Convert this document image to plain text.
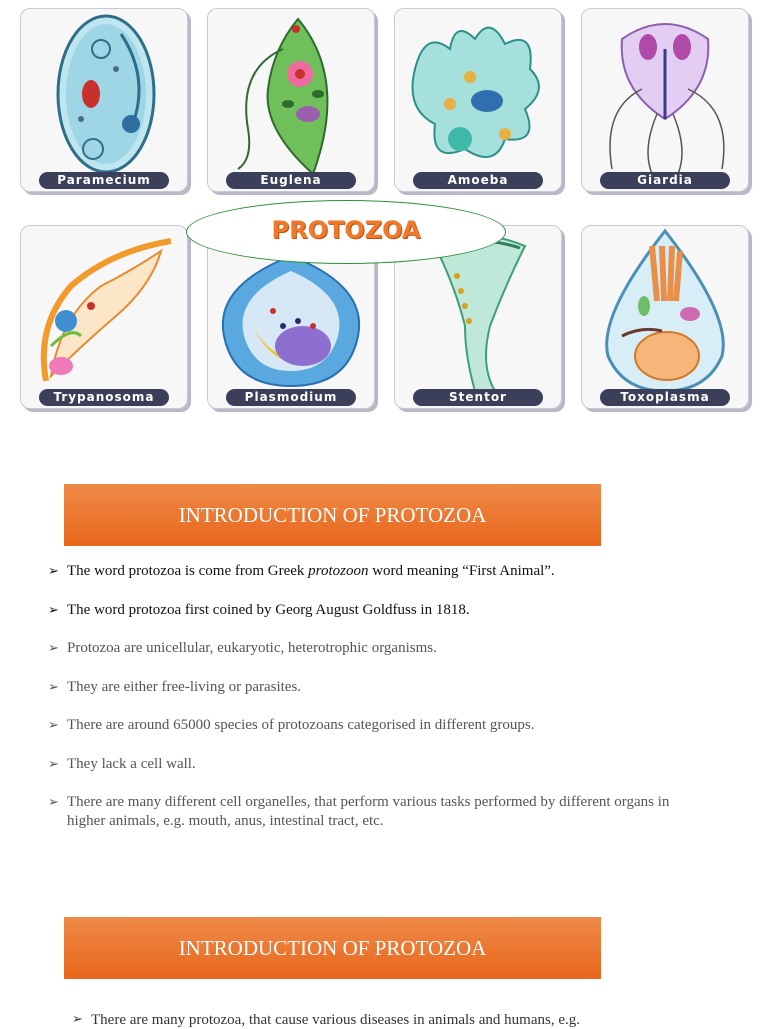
Paramecium	Euglena	Amoeba	Giardia
Trypanosoma	Plasmodium	Stentor	Toxoplasma
PROTOZOA
INTRODUCTION OF PROTOZOA
➢ The word protozoa is come from Greek protozoon word meaning “First Animal”.
➢ The word protozoa first coined by Georg August Goldfuss in 1818.
➢ Protozoa are unicellular, eukaryotic, heterotrophic organisms.
➢ They are either free-living or parasites.
➢ There are around 65000 species of protozoans categorised in different groups.
➢ They lack a cell wall.
➢ There are many different cell organelles, that perform various tasks performed by different organs in higher animals, e.g. mouth, anus, intestinal tract, etc.
INTRODUCTION OF PROTOZOA
➢ There are many protozoa, that cause various diseases in animals and humans, e.g.
